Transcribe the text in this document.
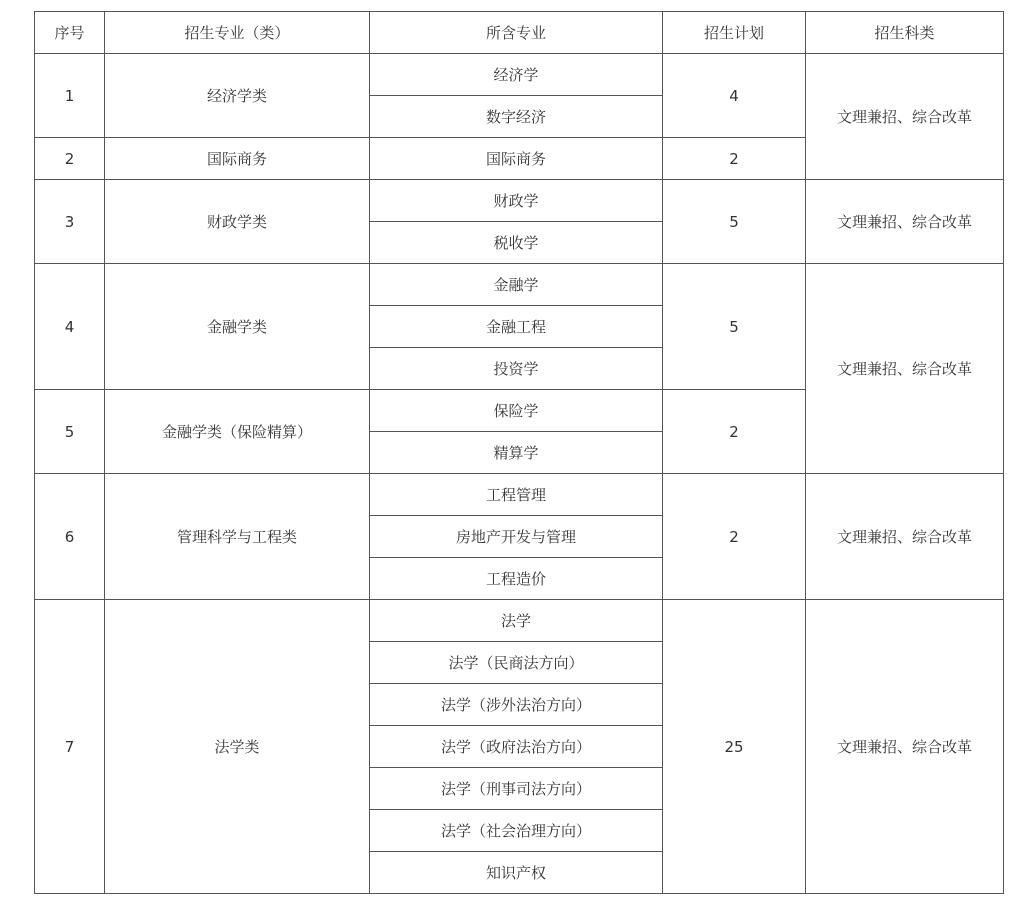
序号	招生专业（类）	所含专业	招生计划	招生科类
1	经济学类	经济学	4	文理兼招、综合改革
		数字经济		
2	国际商务	国际商务	2	
3	财政学类	财政学	5	文理兼招、综合改革
		税收学		
4	金融学类	金融学	5	文理兼招、综合改革
		金融工程		
		投资学		
5	金融学类（保险精算）	保险学	2	
		精算学		
6	管理科学与工程类	工程管理	2	文理兼招、综合改革
		房地产开发与管理		
		工程造价		
7	法学类	法学	25	文理兼招、综合改革
		法学（民商法方向）		
		法学（涉外法治方向）		
		法学（政府法治方向）		
		法学（刑事司法方向）		
		法学（社会治理方向）		
		知识产权		
